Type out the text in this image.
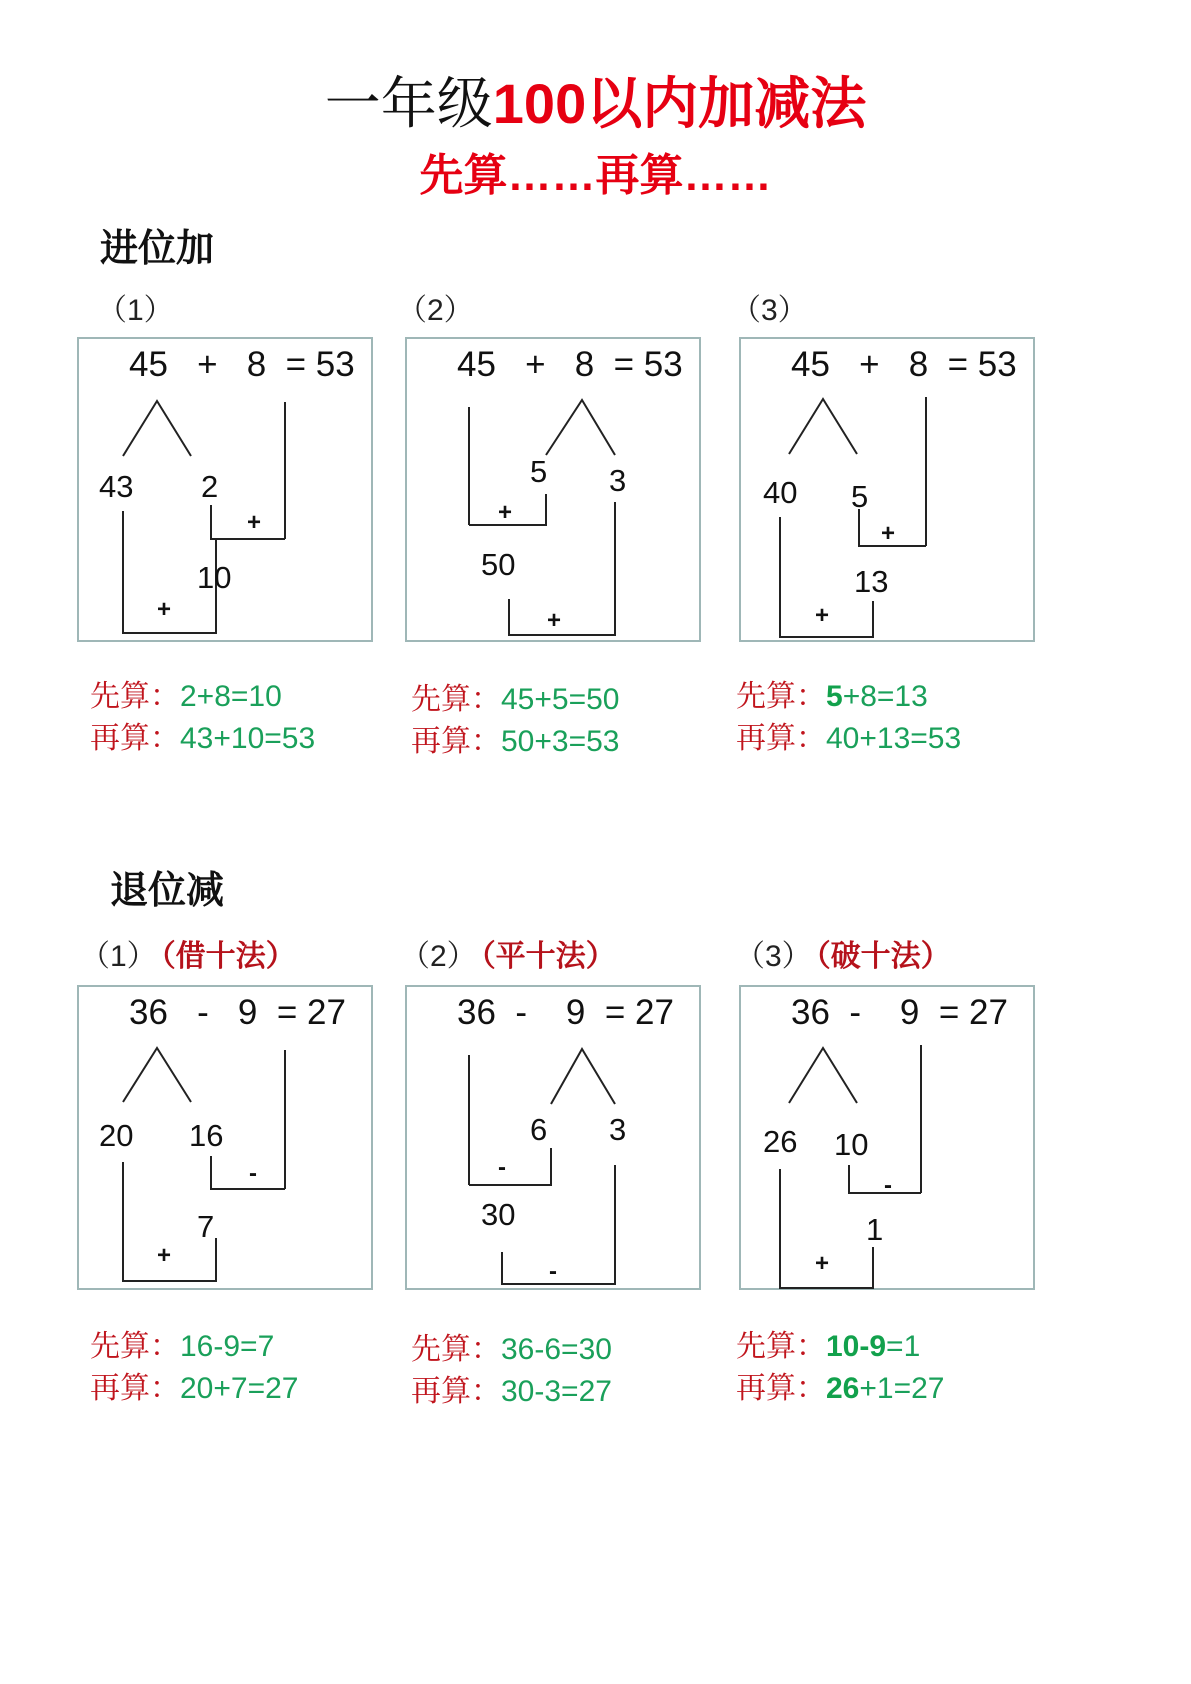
一年级100以内加减法
先算……再算……
进位加
（1）	（2）	（3）
45   +   8  = 53
43 2
+
10
+
45   +   8  = 53
5 3
+
50
+
45   +   8  = 53
40 5
+
13
+
先算：2+8=10
再算：43+10=53
先算：45+5=50
再算：50+3=53
先算：5+8=13
再算：40+13=53
退位减
（1） （借十法）	（2） （平十法）	（3） （破十法）
36   -   9  = 27
20 16
-
7
+
36  -    9  = 27
6 3
-
30
-
36  -    9  = 27
26 10
-
1
+
先算：16-9=7
再算：20+7=27
先算：36-6=30
再算：30-3=27
先算：10-9=1
再算：26+1=27
